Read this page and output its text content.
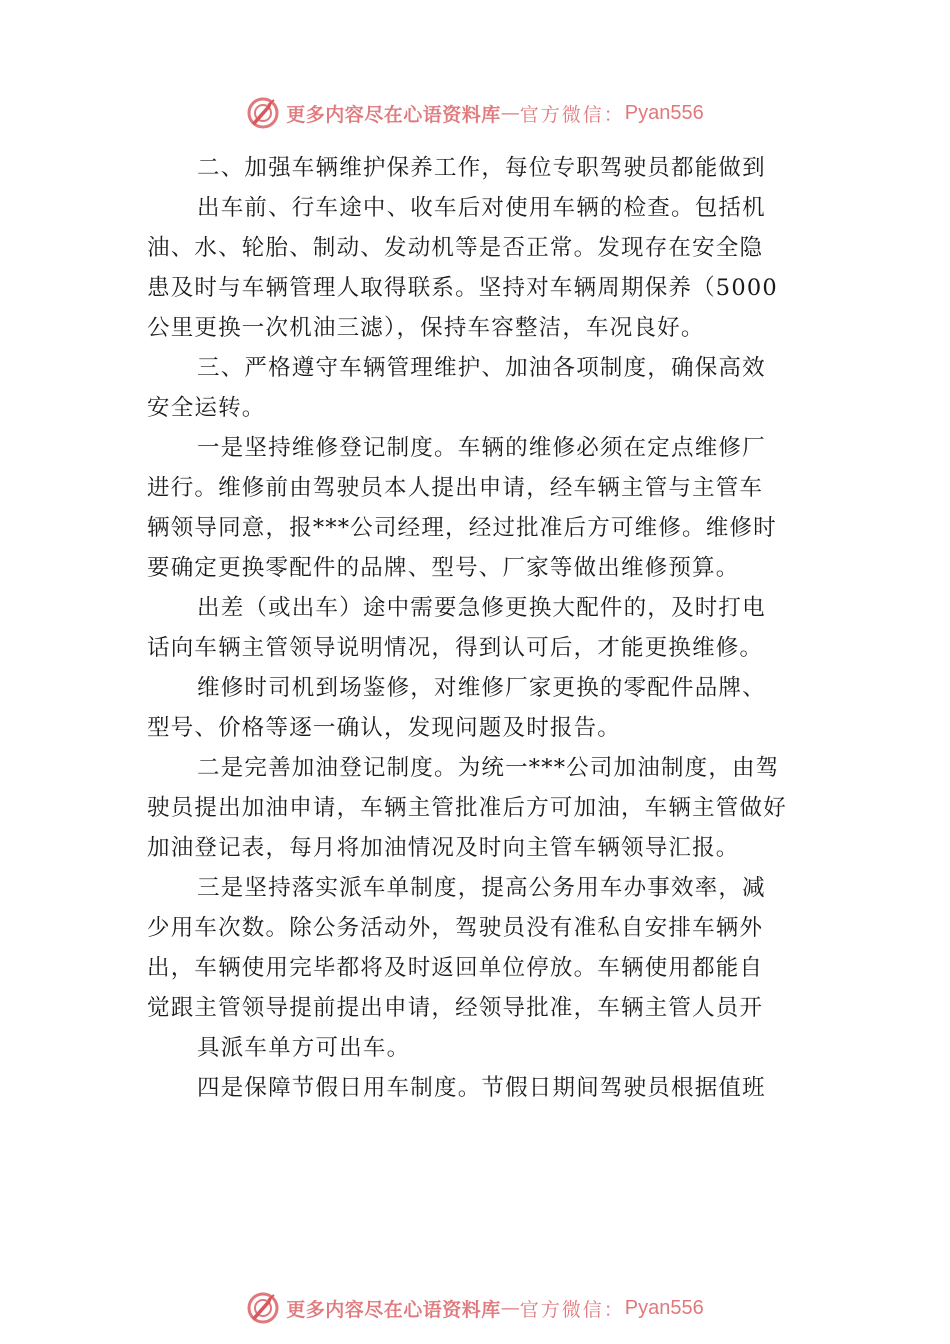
更多内容尽在心语资料库 — 官方微信： Pyan556
二、加强车辆维护保养工作，每位专职驾驶员都能做到
出车前、行车途中、收车后对使用车辆的检查。包括机
油、水、轮胎、制动、发动机等是否正常。发现存在安全隐
患及时与车辆管理人取得联系。坚持对车辆周期保养（5000
公里更换一次机油三滤），保持车容整洁，车况良好。
三、严格遵守车辆管理维护、加油各项制度，确保高效
安全运转。
一是坚持维修登记制度。车辆的维修必须在定点维修厂
进行。维修前由驾驶员本人提出申请，经车辆主管与主管车
辆领导同意，报***公司经理，经过批准后方可维修。维修时
要确定更换零配件的品牌、型号、厂家等做出维修预算。
出差（或出车）途中需要急修更换大配件的，及时打电
话向车辆主管领导说明情况，得到认可后，才能更换维修。
维修时司机到场鉴修，对维修厂家更换的零配件品牌、
型号、价格等逐一确认，发现问题及时报告。
二是完善加油登记制度。为统一***公司加油制度，由驾
驶员提出加油申请，车辆主管批准后方可加油，车辆主管做好
加油登记表，每月将加油情况及时向主管车辆领导汇报。
三是坚持落实派车单制度，提高公务用车办事效率，减
少用车次数。除公务活动外，驾驶员没有准私自安排车辆外
出，车辆使用完毕都将及时返回单位停放。车辆使用都能自
觉跟主管领导提前提出申请，经领导批准，车辆主管人员开
具派车单方可出车。
四是保障节假日用车制度。节假日期间驾驶员根据值班
更多内容尽在心语资料库 — 官方微信： Pyan556
